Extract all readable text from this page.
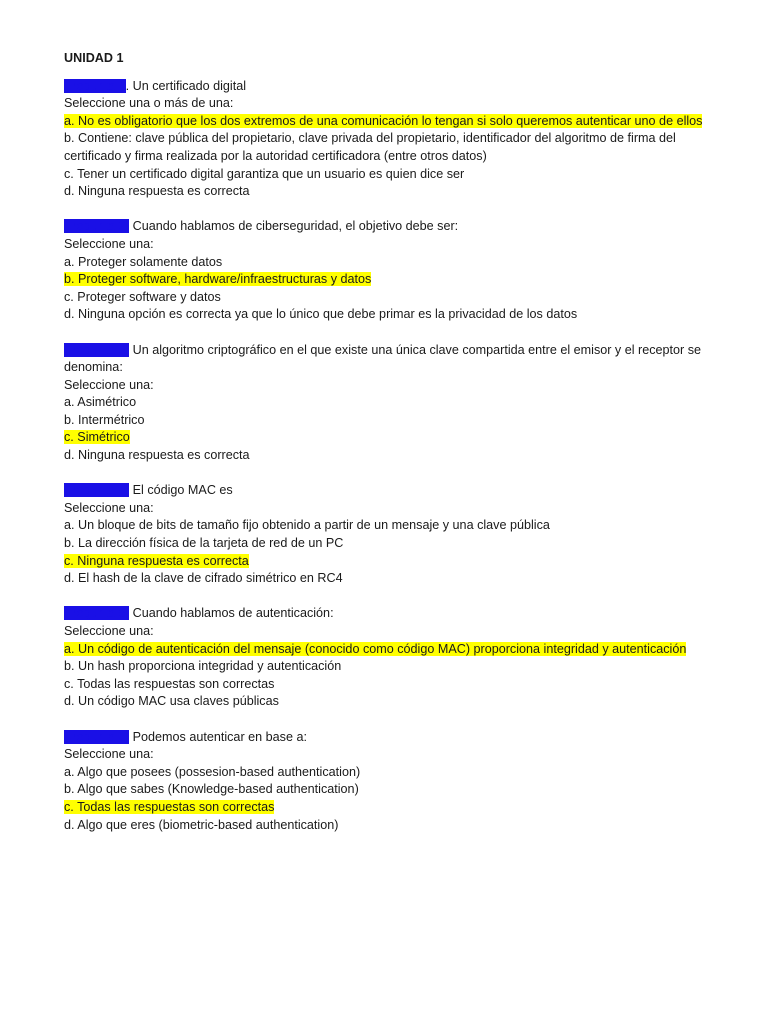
UNIDAD 1
Pregunta 1. Un certificado digital
Seleccione una o más de una:
a. No es obligatorio que los dos extremos de una comunicación lo tengan si solo queremos autenticar uno de ellos
b. Contiene: clave pública del propietario, clave privada del propietario, identificador del algoritmo de firma del certificado y firma realizada por la autoridad certificadora (entre otros datos)
c. Tener un certificado digital garantiza que un usuario es quien dice ser
d. Ninguna respuesta es correcta
Pregunta 2. Cuando hablamos de ciberseguridad, el objetivo debe ser:
Seleccione una:
a. Proteger solamente datos
b. Proteger software, hardware/infraestructuras y datos
c. Proteger software y datos
d. Ninguna opción es correcta ya que lo único que debe primar es la privacidad de los datos
Pregunta 3. Un algoritmo criptográfico en el que existe una única clave compartida entre el emisor y el receptor se denomina:
Seleccione una:
a. Asimétrico
b. Intermétrico
c. Simétrico
d. Ninguna respuesta es correcta
Pregunta 4. El código MAC es
Seleccione una:
a. Un bloque de bits de tamaño fijo obtenido a partir de un mensaje y una clave pública
b. La dirección física de la tarjeta de red de un PC
c. Ninguna respuesta es correcta
d. El hash de la clave de cifrado simétrico en RC4
Pregunta 5. Cuando hablamos de autenticación:
Seleccione una:
a. Un código de autenticación del mensaje (conocido como código MAC) proporciona integridad y autenticación
b. Un hash proporciona integridad y autenticación
c. Todas las respuestas son correctas
d. Un código MAC usa claves públicas
Pregunta 6. Podemos autenticar en base a:
Seleccione una:
a. Algo que posees (possesion-based authentication)
b. Algo que sabes (Knowledge-based authentication)
c. Todas las respuestas son correctas
d. Algo que eres (biometric-based authentication)
